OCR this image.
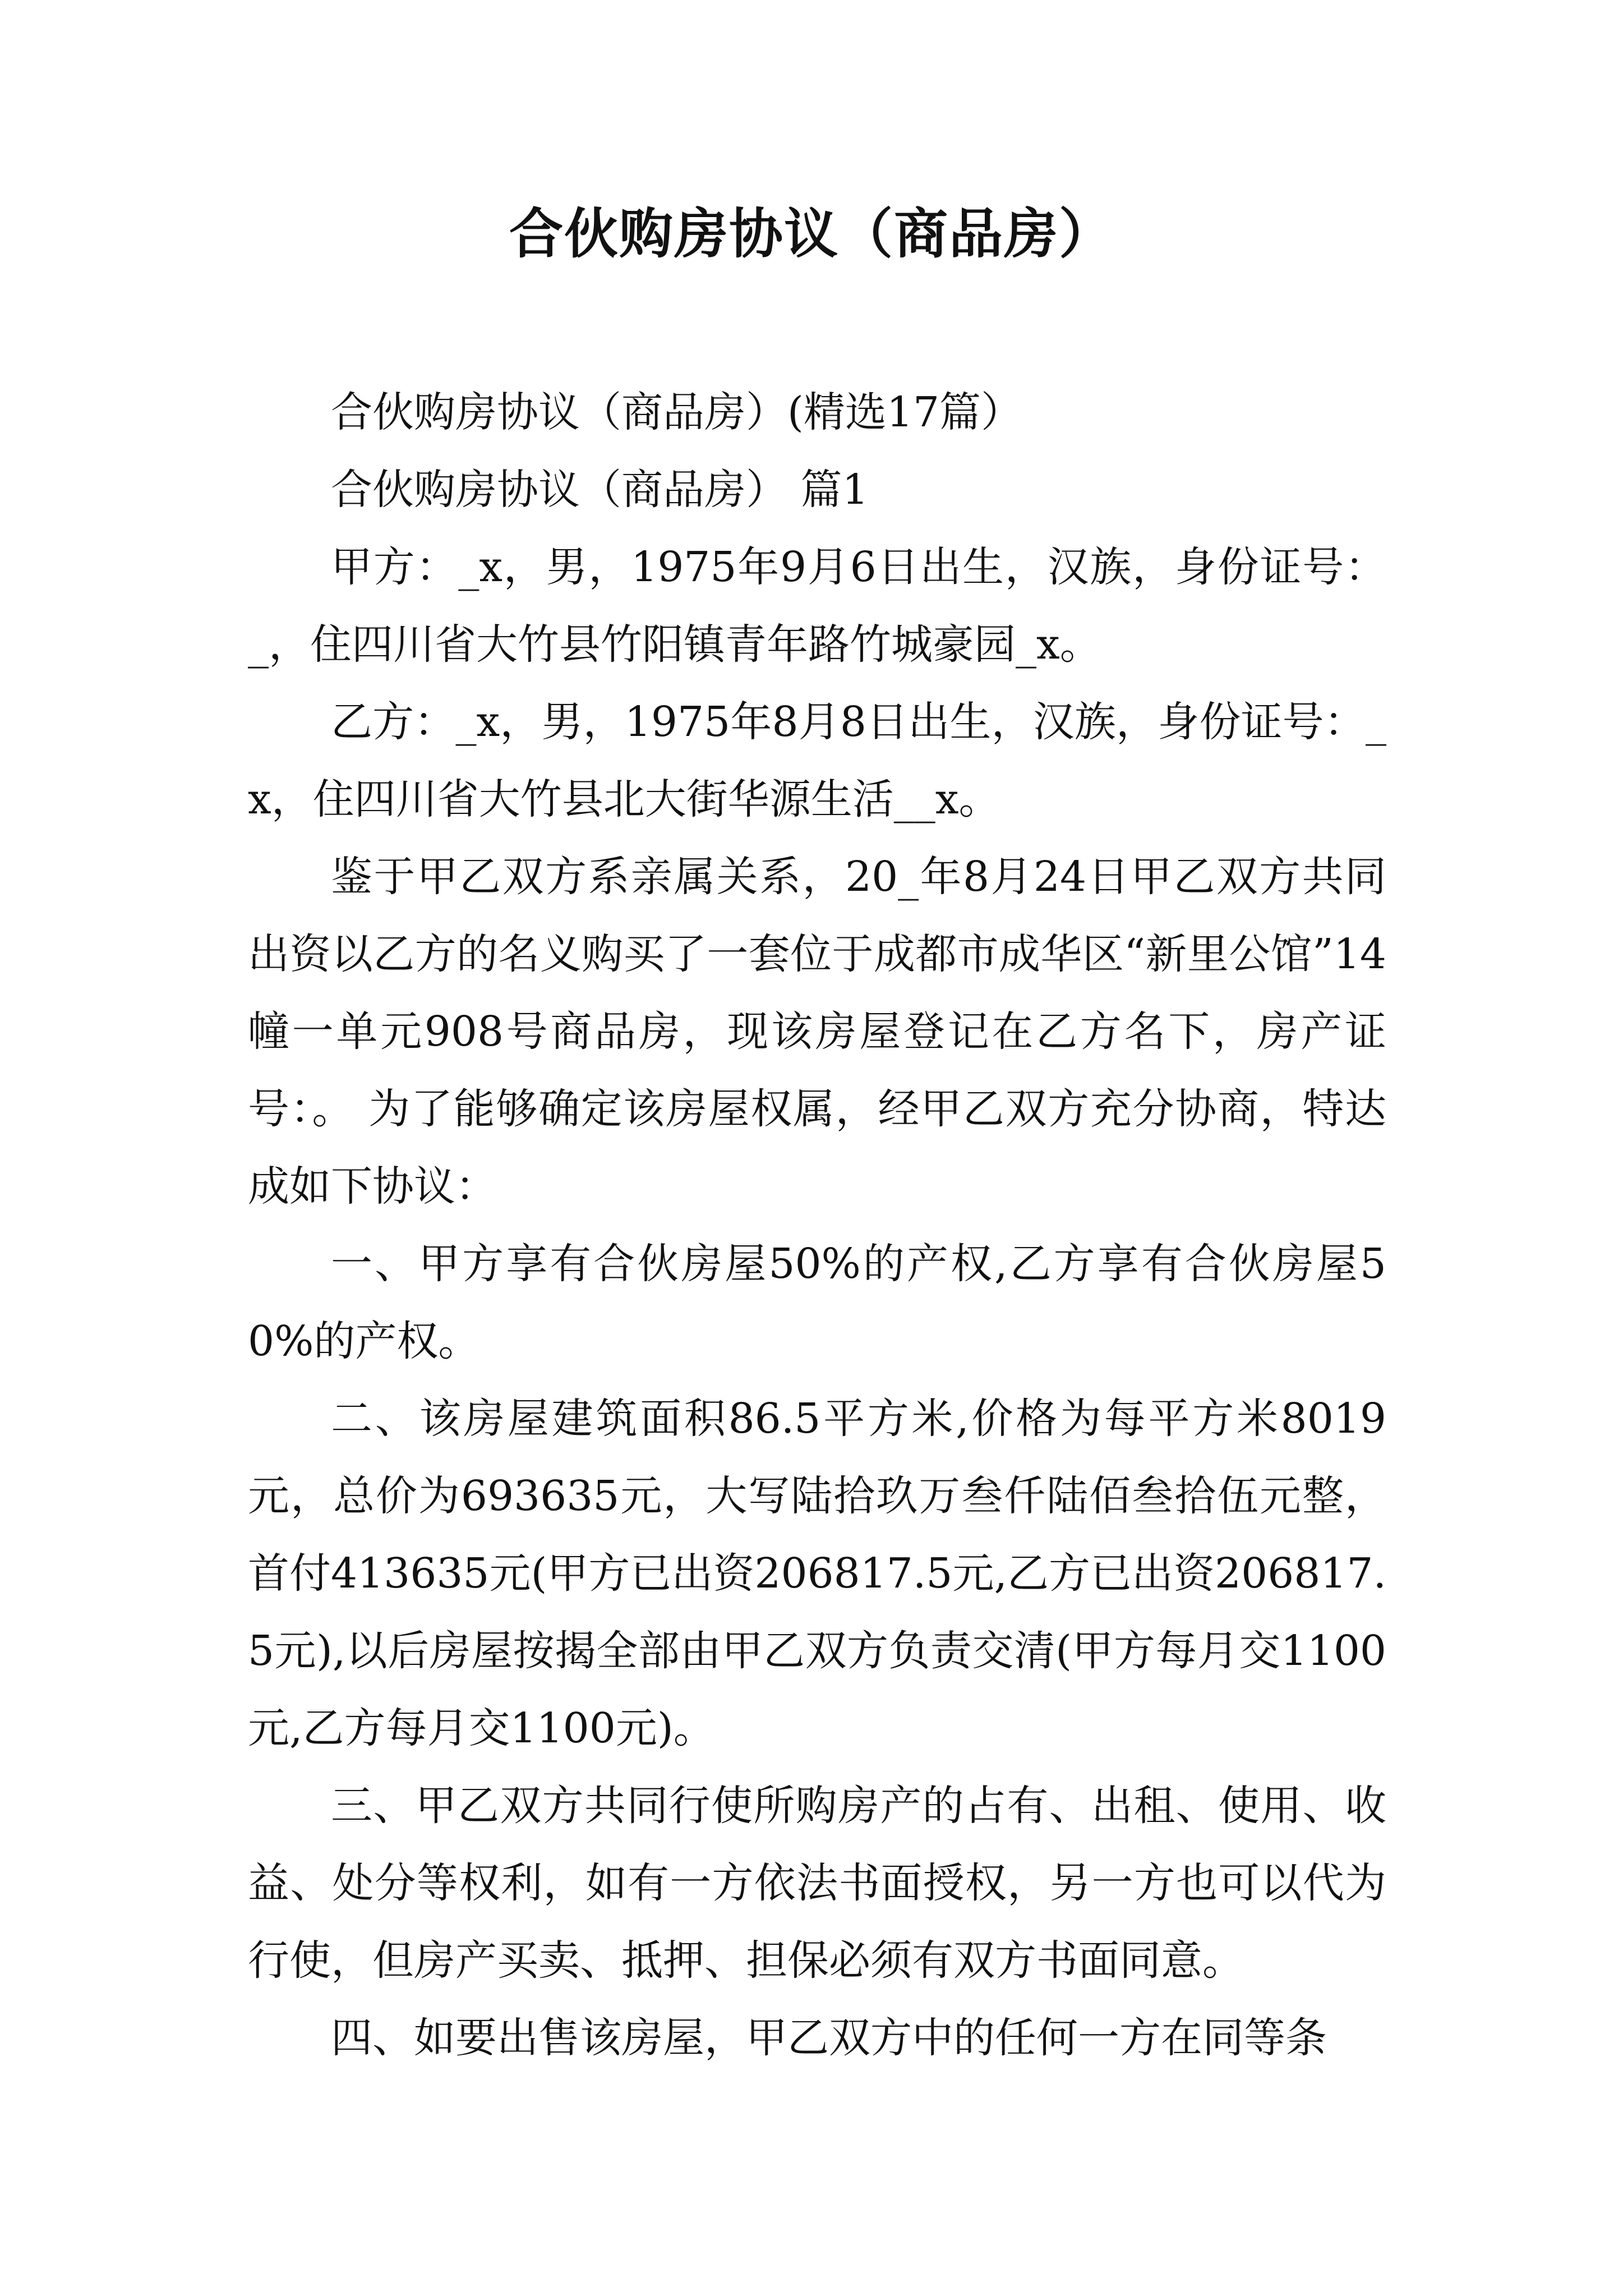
合伙购房协议（商品房）

合伙购房协议（商品房）(精选17篇）

合伙购房协议（商品房） 篇1

甲方：_x，男，1975年9月6日出生，汉族，身份证号：_，住四川省大竹县竹阳镇青年路竹城豪园_x。

乙方：_x，男，1975年8月8日出生，汉族，身份证号：_x，住四川省大竹县北大街华源生活__x。

鉴于甲乙双方系亲属关系，20_年8月24日甲乙双方共同出资以乙方的名义购买了一套位于成都市成华区“新里公馆”14幢一单元908号商品房，现该房屋登记在乙方名下，房产证号：。 为了能够确定该房屋权属，经甲乙双方充分协商，特达成如下协议：

一、甲方享有合伙房屋50%的产权,乙方享有合伙房屋50%的产权。

二、该房屋建筑面积86.5平方米,价格为每平方米8019元，总价为693635元，大写陆拾玖万叁仟陆佰叁拾伍元整，首付413635元(甲方已出资206817.5元,乙方已出资206817.5元),以后房屋按揭全部由甲乙双方负责交清(甲方每月交1100元,乙方每月交1100元)。

三、甲乙双方共同行使所购房产的占有、出租、使用、收益、处分等权利，如有一方依法书面授权，另一方也可以代为行使，但房产买卖、抵押、担保必须有双方书面同意。

四、如要出售该房屋，甲乙双方中的任何一方在同等条
